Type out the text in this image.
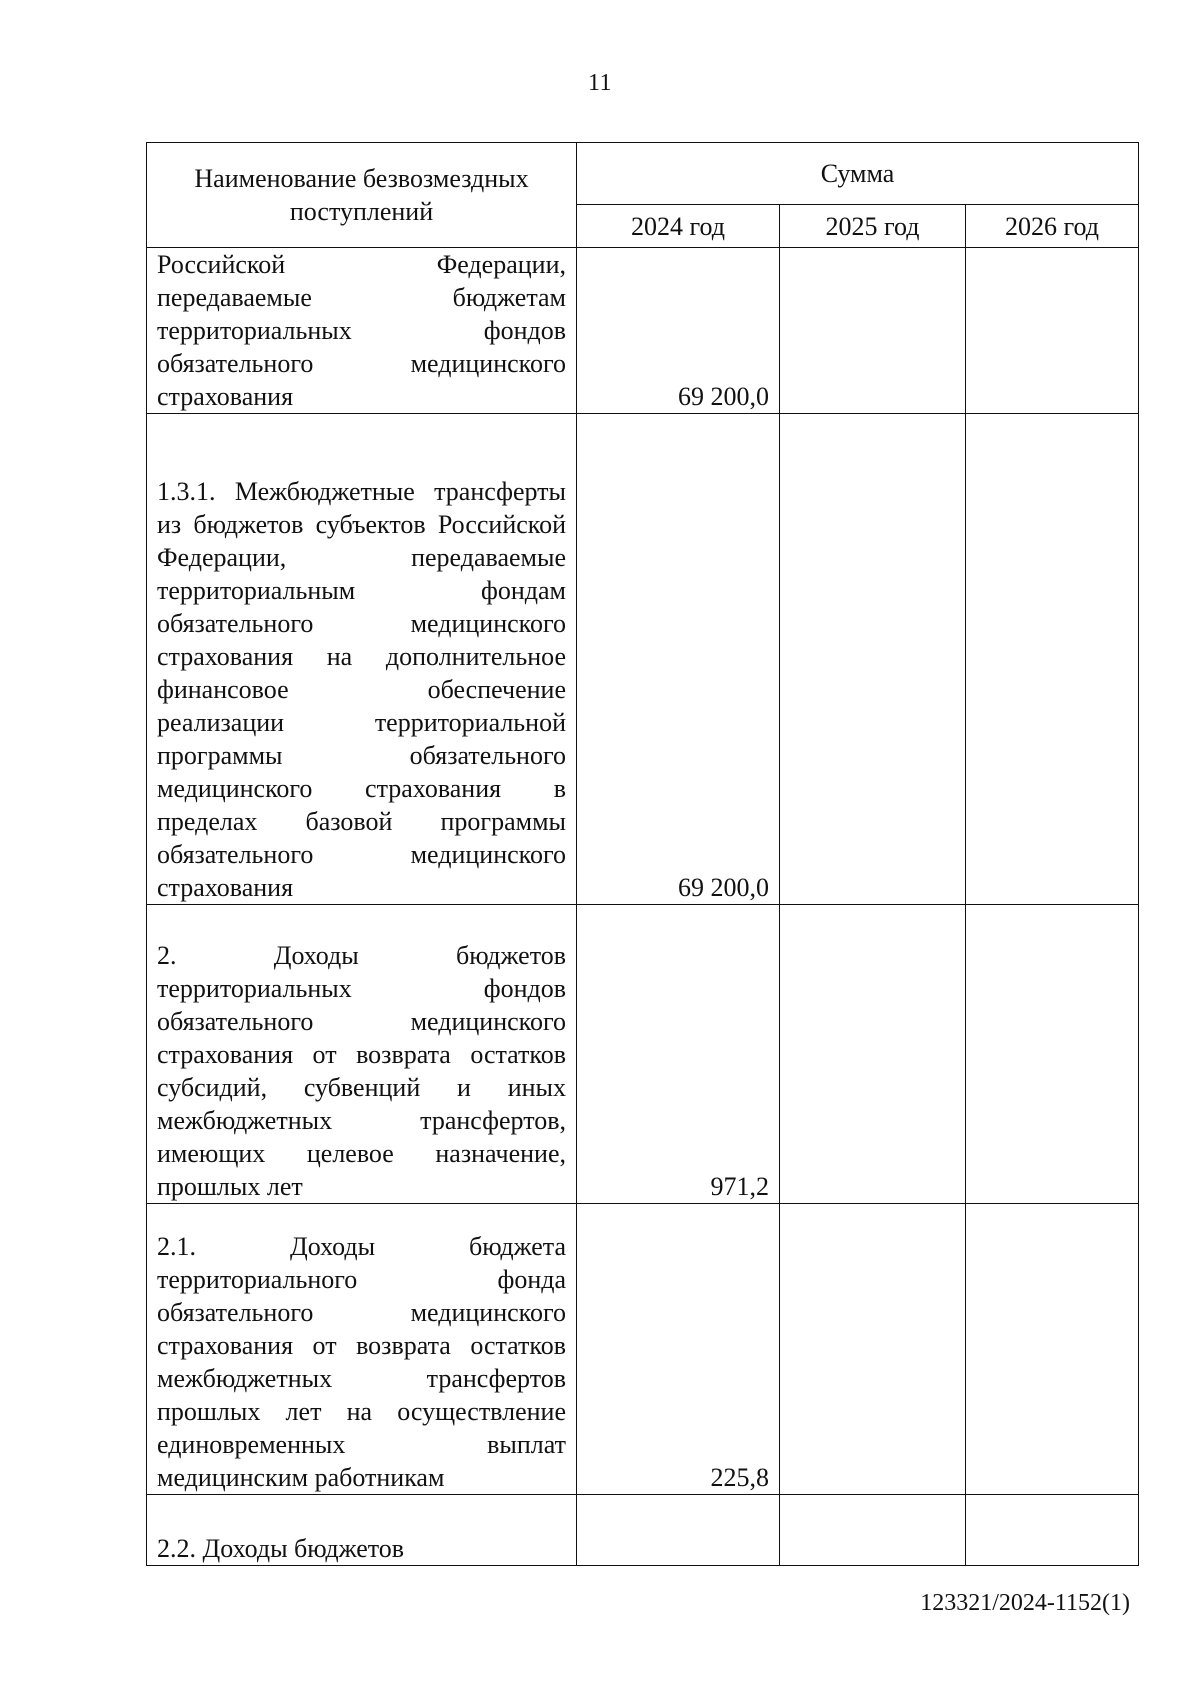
11
Наименование безвозмездных поступлений	Сумма		
	2024 год	2025 год	2026 год
Российской Федерации, передаваемые бюджетам территориальных фондов обязательного медицинского страхования	69 200,0		
1.3.1. Межбюджетные трансферты из бюджетов субъектов Российской Федерации, передаваемые территориальным фондам обязательного медицинского страхования на дополнительное финансовое обеспечение реализации территориальной программы обязательного медицинского страхования в пределах базовой программы обязательного медицинского страхования	69 200,0		
2. Доходы бюджетов территориальных фондов обязательного медицинского страхования от возврата остатков субсидий, субвенций и иных межбюджетных трансфертов, имеющих целевое назначение, прошлых лет	971,2		
2.1. Доходы бюджета территориального фонда обязательного медицинского страхования от возврата остатков межбюджетных трансфертов прошлых лет на осуществление единовременных выплат медицинским работникам	225,8		
2.2. Доходы бюджетов			
123321/2024-1152(1)
